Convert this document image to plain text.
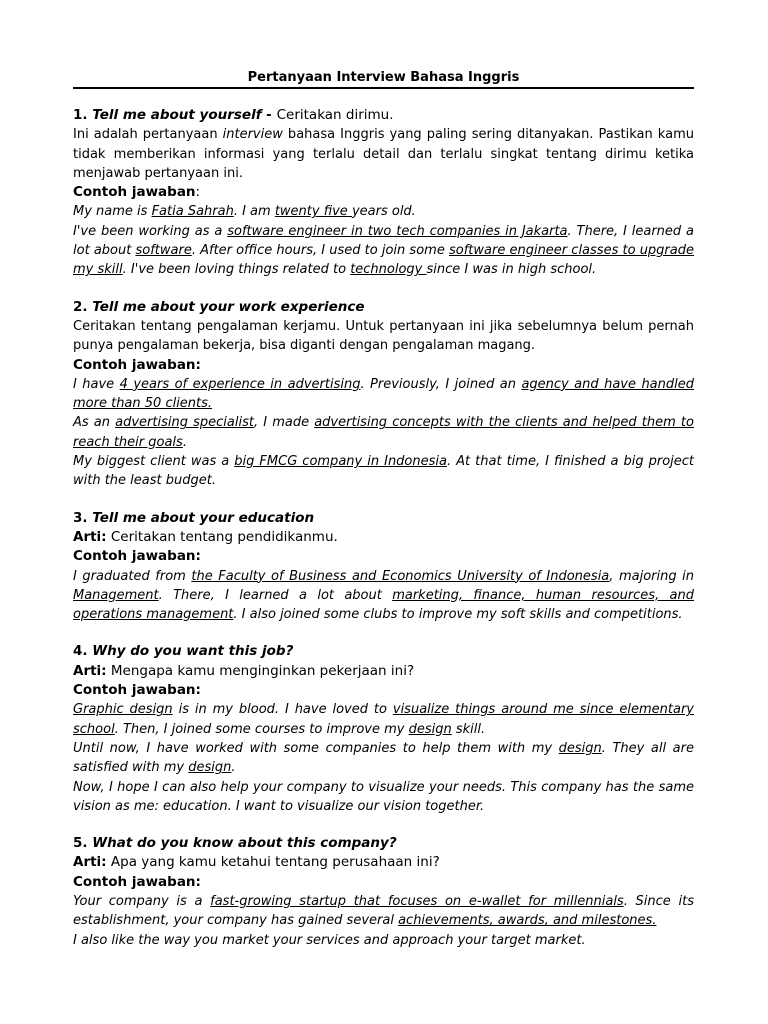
Pertanyaan Interview Bahasa Inggris
1. Tell me about yourself - Ceritakan dirimu.

Ini adalah pertanyaan interview bahasa Inggris yang paling sering ditanyakan. Pastikan kamu tidak memberikan informasi yang terlalu detail dan terlalu singkat tentang dirimu ketika menjawab pertanyaan ini.

Contoh jawaban:

My name is Fatia Sahrah. I am twenty five years old.

I've been working as a software engineer in two tech companies in Jakarta. There, I learned a lot about software. After office hours, I used to join some software engineer classes to upgrade my skill. I've been loving things related to technology since I was in high school.

2. Tell me about your work experience

Ceritakan tentang pengalaman kerjamu. Untuk pertanyaan ini jika sebelumnya belum pernah punya pengalaman bekerja, bisa diganti dengan pengalaman magang.

Contoh jawaban:

I have 4 years of experience in advertising. Previously, I joined an agency and have handled more than 50 clients.

As an advertising specialist, I made advertising concepts with the clients and helped them to reach their goals.

My biggest client was a big FMCG company in Indonesia. At that time, I finished a big project with the least budget.

3. Tell me about your education
Arti: Ceritakan tentang pendidikanmu.
Contoh jawaban:

I graduated from the Faculty of Business and Economics University of Indonesia, majoring in Management. There, I learned a lot about marketing, finance, human resources, and operations management. I also joined some clubs to improve my soft skills and competitions.

4. Why do you want this job?
Arti: Mengapa kamu menginginkan pekerjaan ini?
Contoh jawaban:

Graphic design is in my blood. I have loved to visualize things around me since elementary school. Then, I joined some courses to improve my design skill.

Until now, I have worked with some companies to help them with my design. They all are satisfied with my design.

Now, I hope I can also help your company to visualize your needs. This company has the same vision as me: education. I want to visualize our vision together.

5. What do you know about this company?
Arti: Apa yang kamu ketahui tentang perusahaan ini?
Contoh jawaban:

Your company is a fast-growing startup that focuses on e-wallet for millennials. Since its establishment, your company has gained several achievements, awards, and milestones.

I also like the way you market your services and approach your target market.
